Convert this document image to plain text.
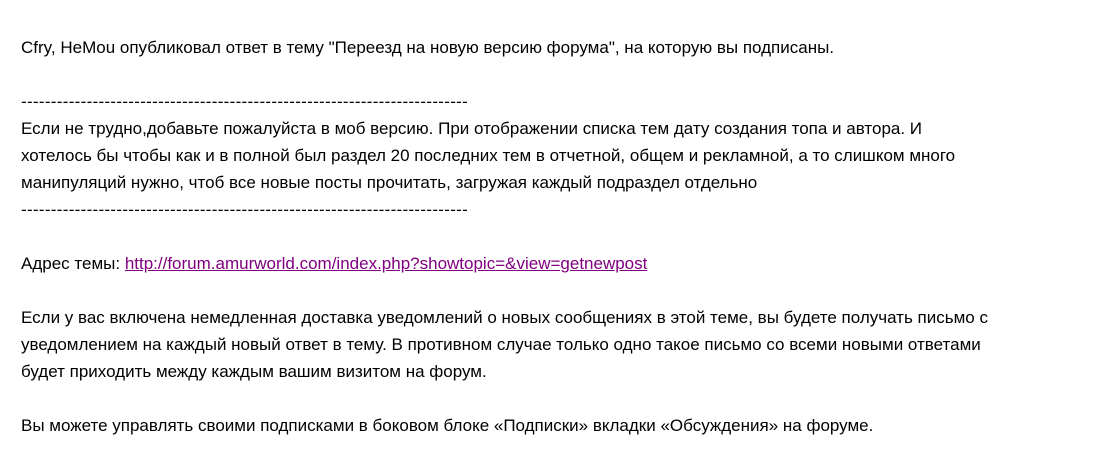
Cfry, HeMou опубликовал ответ в тему "Переезд на новую версию форума", на которую вы подписаны.
---------------------------------------------------------------------------
Если не трудно,добавьте пожалуйста в моб версию. При отображении списка тем дату создания топа и автора. И
хотелось бы чтобы как и в полной был раздел 20 последних тем в отчетной, общем и рекламной, а то слишком много
манипуляций нужно, чтоб все новые посты прочитать, загружая каждый подраздел отдельно
---------------------------------------------------------------------------
Адрес темы: http://forum.amurworld.com/index.php?showtopic=&view=getnewpost
Если у вас включена немедленная доставка уведомлений о новых сообщениях в этой теме, вы будете получать письмо с
уведомлением на каждый новый ответ в тему. В противном случае только одно такое письмо со всеми новыми ответами
будет приходить между каждым вашим визитом на форум.
Вы можете управлять своими подписками в боковом блоке «Подписки» вкладки «Обсуждения» на форуме.
